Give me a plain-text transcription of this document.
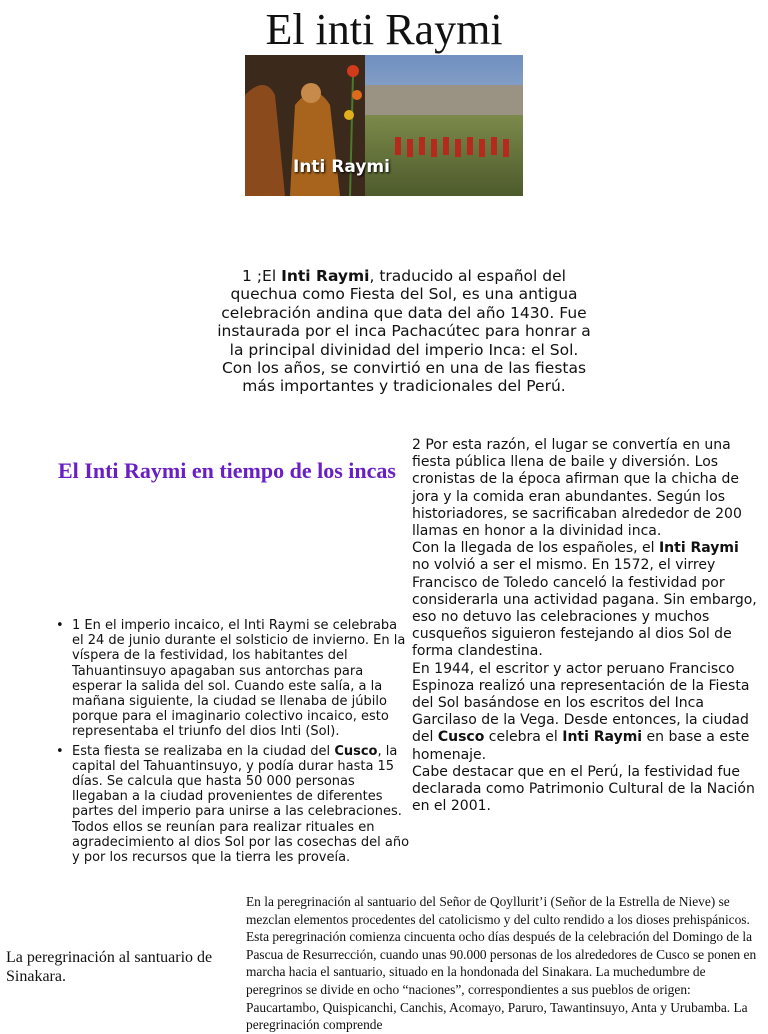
El inti Raymi
Inti Raymi

1 ;El Inti Raymi, traducido al español del quechua como Fiesta del Sol, es una antigua celebración andina que data del año 1430. Fue instaurada por el inca Pachacútec para honrar a la principal divinidad del imperio Inca: el Sol. Con los años, se convirtió en una de las fiestas más importantes y tradicionales del Perú.

El Inti Raymi en tiempo de los incas
• 1 En el imperio incaico, el Inti Raymi se celebraba el 24 de junio durante el solsticio de invierno. En la víspera de la festividad, los habitantes del Tahuantinsuyo apagaban sus antorchas para esperar la salida del sol. Cuando este salía, a la mañana siguiente, la ciudad se llenaba de júbilo porque para el imaginario colectivo incaico, esto representaba el triunfo del dios Inti (Sol).
• Esta fiesta se realizaba en la ciudad del Cusco, la capital del Tahuantinsuyo, y podía durar hasta 15 días. Se calcula que hasta 50 000 personas llegaban a la ciudad provenientes de diferentes partes del imperio para unirse a las celebraciones. Todos ellos se reunían para realizar rituales en agradecimiento al dios Sol por las cosechas del año y por los recursos que la tierra les proveía.

2 Por esta razón, el lugar se convertía en una fiesta pública llena de baile y diversión. Los cronistas de la época afirman que la chicha de jora y la comida eran abundantes. Según los historiadores, se sacrificaban alrededor de 200 llamas en honor a la divinidad inca.

Con la llegada de los españoles, el Inti Raymi no volvió a ser el mismo. En 1572, el virrey Francisco de Toledo canceló la festividad por considerarla una actividad pagana. Sin embargo, eso no detuvo las celebraciones y muchos cusqueños siguieron festejando al dios Sol de forma clandestina.

En 1944, el escritor y actor peruano Francisco Espinoza realizó una representación de la Fiesta del Sol basándose en los escritos del Inca Garcilaso de la Vega. Desde entonces, la ciudad del Cusco celebra el Inti Raymi en base a este homenaje.

Cabe destacar que en el Perú, la festividad fue declarada como Patrimonio Cultural de la Nación en el 2001.

La peregrinación al santuario de Sinakara.

En la peregrinación al santuario del Señor de Qoyllurit’i (Señor de la Estrella de Nieve) se mezclan elementos procedentes del catolicismo y del culto rendido a los dioses prehispánicos. Esta peregrinación comienza cincuenta ocho días después de la celebración del Domingo de la Pascua de Resurrección, cuando unas 90.000 personas de los alrededores de Cusco se ponen en marcha hacia el santuario, situado en la hondonada del Sinakara. La muchedumbre de peregrinos se divide en ocho “naciones”, correspondientes a sus pueblos de origen: Paucartambo, Quispicanchi, Canchis, Acomayo, Paruro, Tawantinsuyo, Anta y Urubamba. La peregrinación comprende
